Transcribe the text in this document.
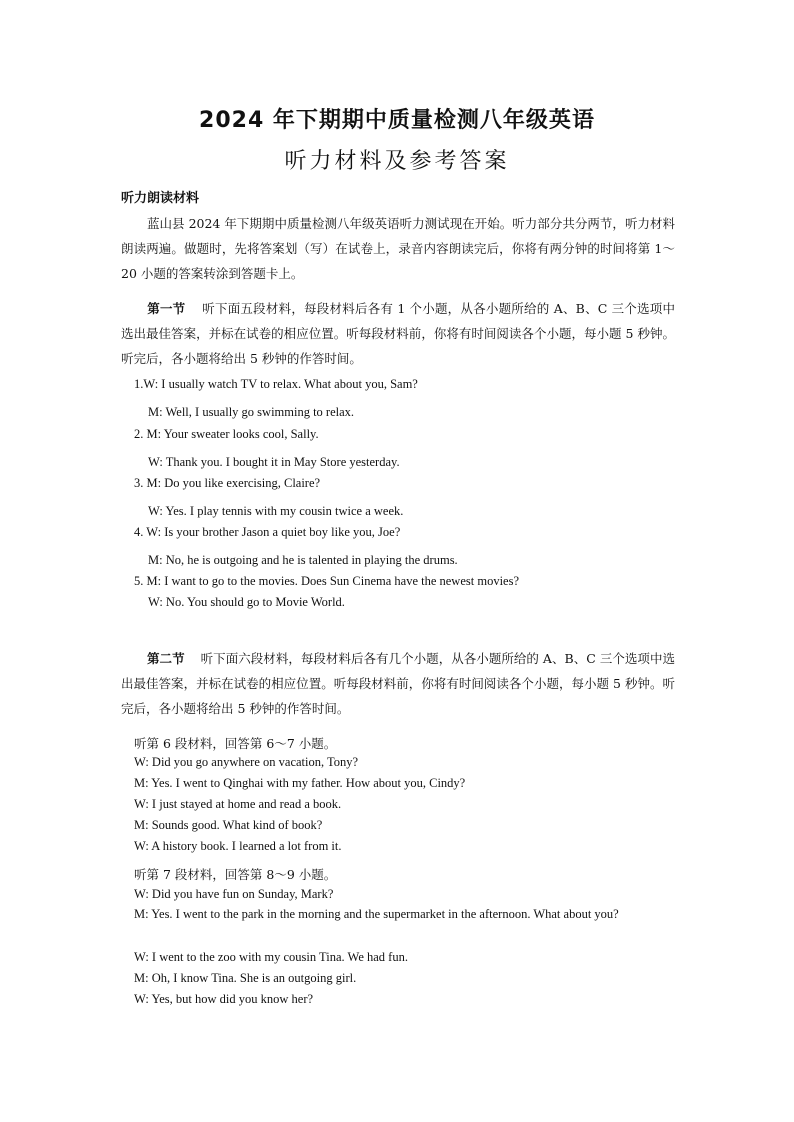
2024 年下期期中质量检测八年级英语
听力材料及参考答案
听力朗读材料
蓝山县 2024 年下期期中质量检测八年级英语听力测试现在开始。听力部分共分两节，听力材料朗读两遍。做题时，先将答案划（写）在试卷上，录音内容朗读完后，你将有两分钟的时间将第 1～20 小题的答案转涂到答题卡上。
第一节 听下面五段材料，每段材料后各有 1 个小题，从各小题所给的 A、B、C 三个选项中选出最佳答案，并标在试卷的相应位置。听每段材料前，你将有时间阅读各个小题，每小题 5 秒钟。听完后，各小题将给出 5 秒钟的作答时间。
1.W: I usually watch TV to relax. What about you, Sam?
M: Well, I usually go swimming to relax.
2. M: Your sweater looks cool, Sally.
W: Thank you. I bought it in May Store yesterday.
3. M: Do you like exercising, Claire?
W: Yes. I play tennis with my cousin twice a week.
4. W: Is your brother Jason a quiet boy like you, Joe?
M: No, he is outgoing and he is talented in playing the drums.
5. M: I want to go to the movies. Does Sun Cinema have the newest movies?
W: No. You should go to Movie World.
第二节 听下面六段材料，每段材料后各有几个小题，从各小题所给的 A、B、C 三个选项中选出最佳答案，并标在试卷的相应位置。听每段材料前，你将有时间阅读各个小题，每小题 5 秒钟。听完后，各小题将给出 5 秒钟的作答时间。
听第 6 段材料，回答第 6～7 小题。
W: Did you go anywhere on vacation, Tony?
M: Yes. I went to Qinghai with my father. How about you, Cindy?
W: I just stayed at home and read a book.
M: Sounds good. What kind of book?
W: A history book. I learned a lot from it.
听第 7 段材料，回答第 8～9 小题。
W: Did you have fun on Sunday, Mark?
M: Yes. I went to the park in the morning and the supermarket in the afternoon. What about you?
W: I went to the zoo with my cousin Tina. We had fun.
M: Oh, I know Tina. She is an outgoing girl.
W: Yes, but how did you know her?
